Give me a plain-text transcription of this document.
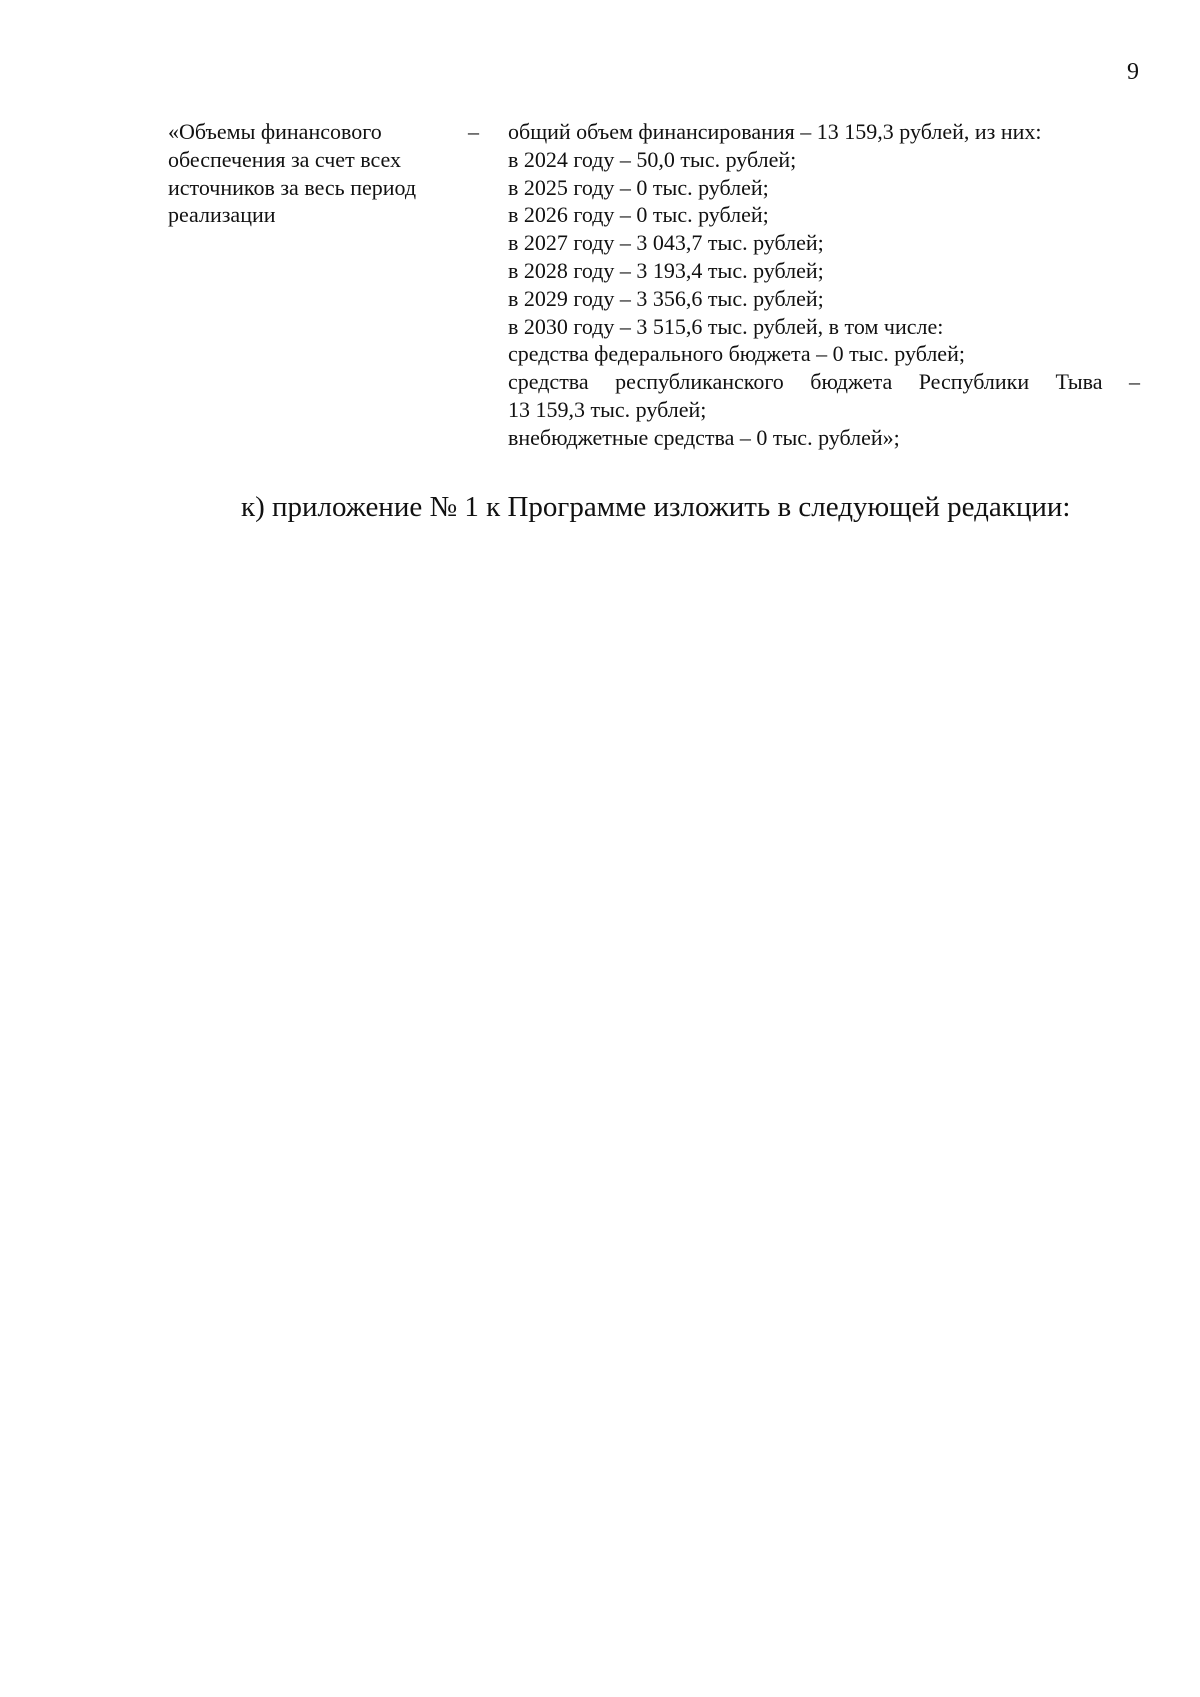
9
«Объемы финансового
обеспечения за счет всех
источников за весь период
реализации
–	общий объем финансирования – 13 159,3 рублей, из них:
в 2024 году – 50,0 тыс. рублей;
в 2025 году – 0 тыс. рублей;
в 2026 году – 0 тыс. рублей;
в 2027 году – 3 043,7 тыс. рублей;
в 2028 году – 3 193,4 тыс. рублей;
в 2029 году – 3 356,6 тыс. рублей;
в 2030 году – 3 515,6 тыс. рублей, в том числе:
средства федерального бюджета – 0 тыс. рублей;
средства республиканского бюджета Республики Тыва –
13 159,3 тыс. рублей;
внебюджетные средства – 0 тыс. рублей»;
к) приложение № 1 к Программе изложить в следующей редакции:
